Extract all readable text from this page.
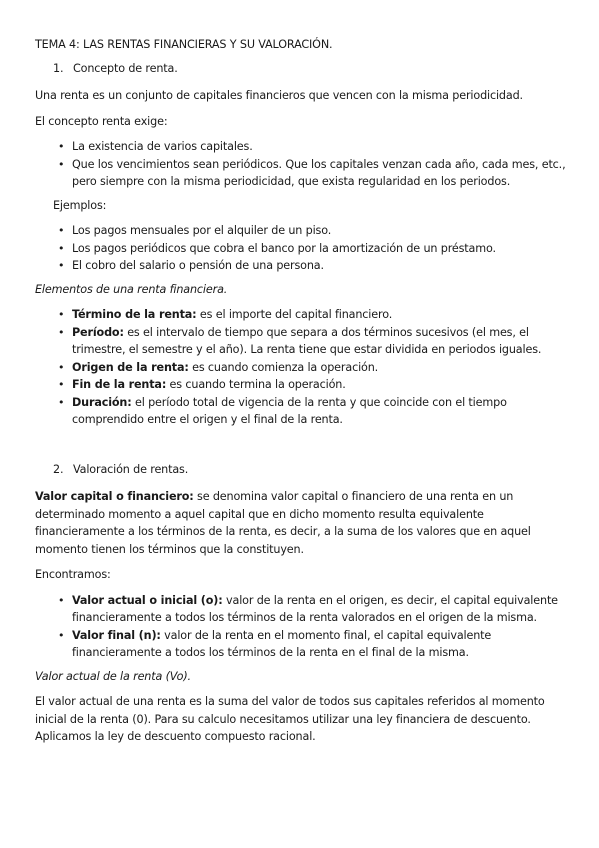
TEMA 4: LAS RENTAS FINANCIERAS Y SU VALORACIÓN.
1. Concepto de renta.

Una renta es un conjunto de capitales financieros que vencen con la misma periodicidad.

El concepto renta exige:

• La existencia de varios capitales.
• Que los vencimientos sean periódicos. Que los capitales venzan cada año, cada mes, etc., pero siempre con la misma periodicidad, que exista regularidad en los periodos.
Ejemplos:
• Los pagos mensuales por el alquiler de un piso.
• Los pagos periódicos que cobra el banco por la amortización de un préstamo.
• El cobro del salario o pensión de una persona.

Elementos de una renta financiera.

• Término de la renta: es el importe del capital financiero.
• Período: es el intervalo de tiempo que separa a dos términos sucesivos (el mes, el trimestre, el semestre y el año). La renta tiene que estar dividida en periodos iguales.
• Origen de la renta: es cuando comienza la operación.
• Fin de la renta: es cuando termina la operación.
• Duración: el período total de vigencia de la renta y que coincide con el tiempo comprendido entre el origen y el final de la renta.
2. Valoración de rentas.

Valor capital o financiero: se denomina valor capital o financiero de una renta en un determinado momento a aquel capital que en dicho momento resulta equivalente financieramente a los términos de la renta, es decir, a la suma de los valores que en aquel momento tienen los términos que la constituyen.

Encontramos:

• Valor actual o inicial (o): valor de la renta en el origen, es decir, el capital equivalente financieramente a todos los términos de la renta valorados en el origen de la misma.
• Valor final (n): valor de la renta en el momento final, el capital equivalente financieramente a todos los términos de la renta en el final de la misma.

Valor actual de la renta (Vo).

El valor actual de una renta es la suma del valor de todos sus capitales referidos al momento inicial de la renta (0). Para su calculo necesitamos utilizar una ley financiera de descuento. Aplicamos la ley de descuento compuesto racional.
